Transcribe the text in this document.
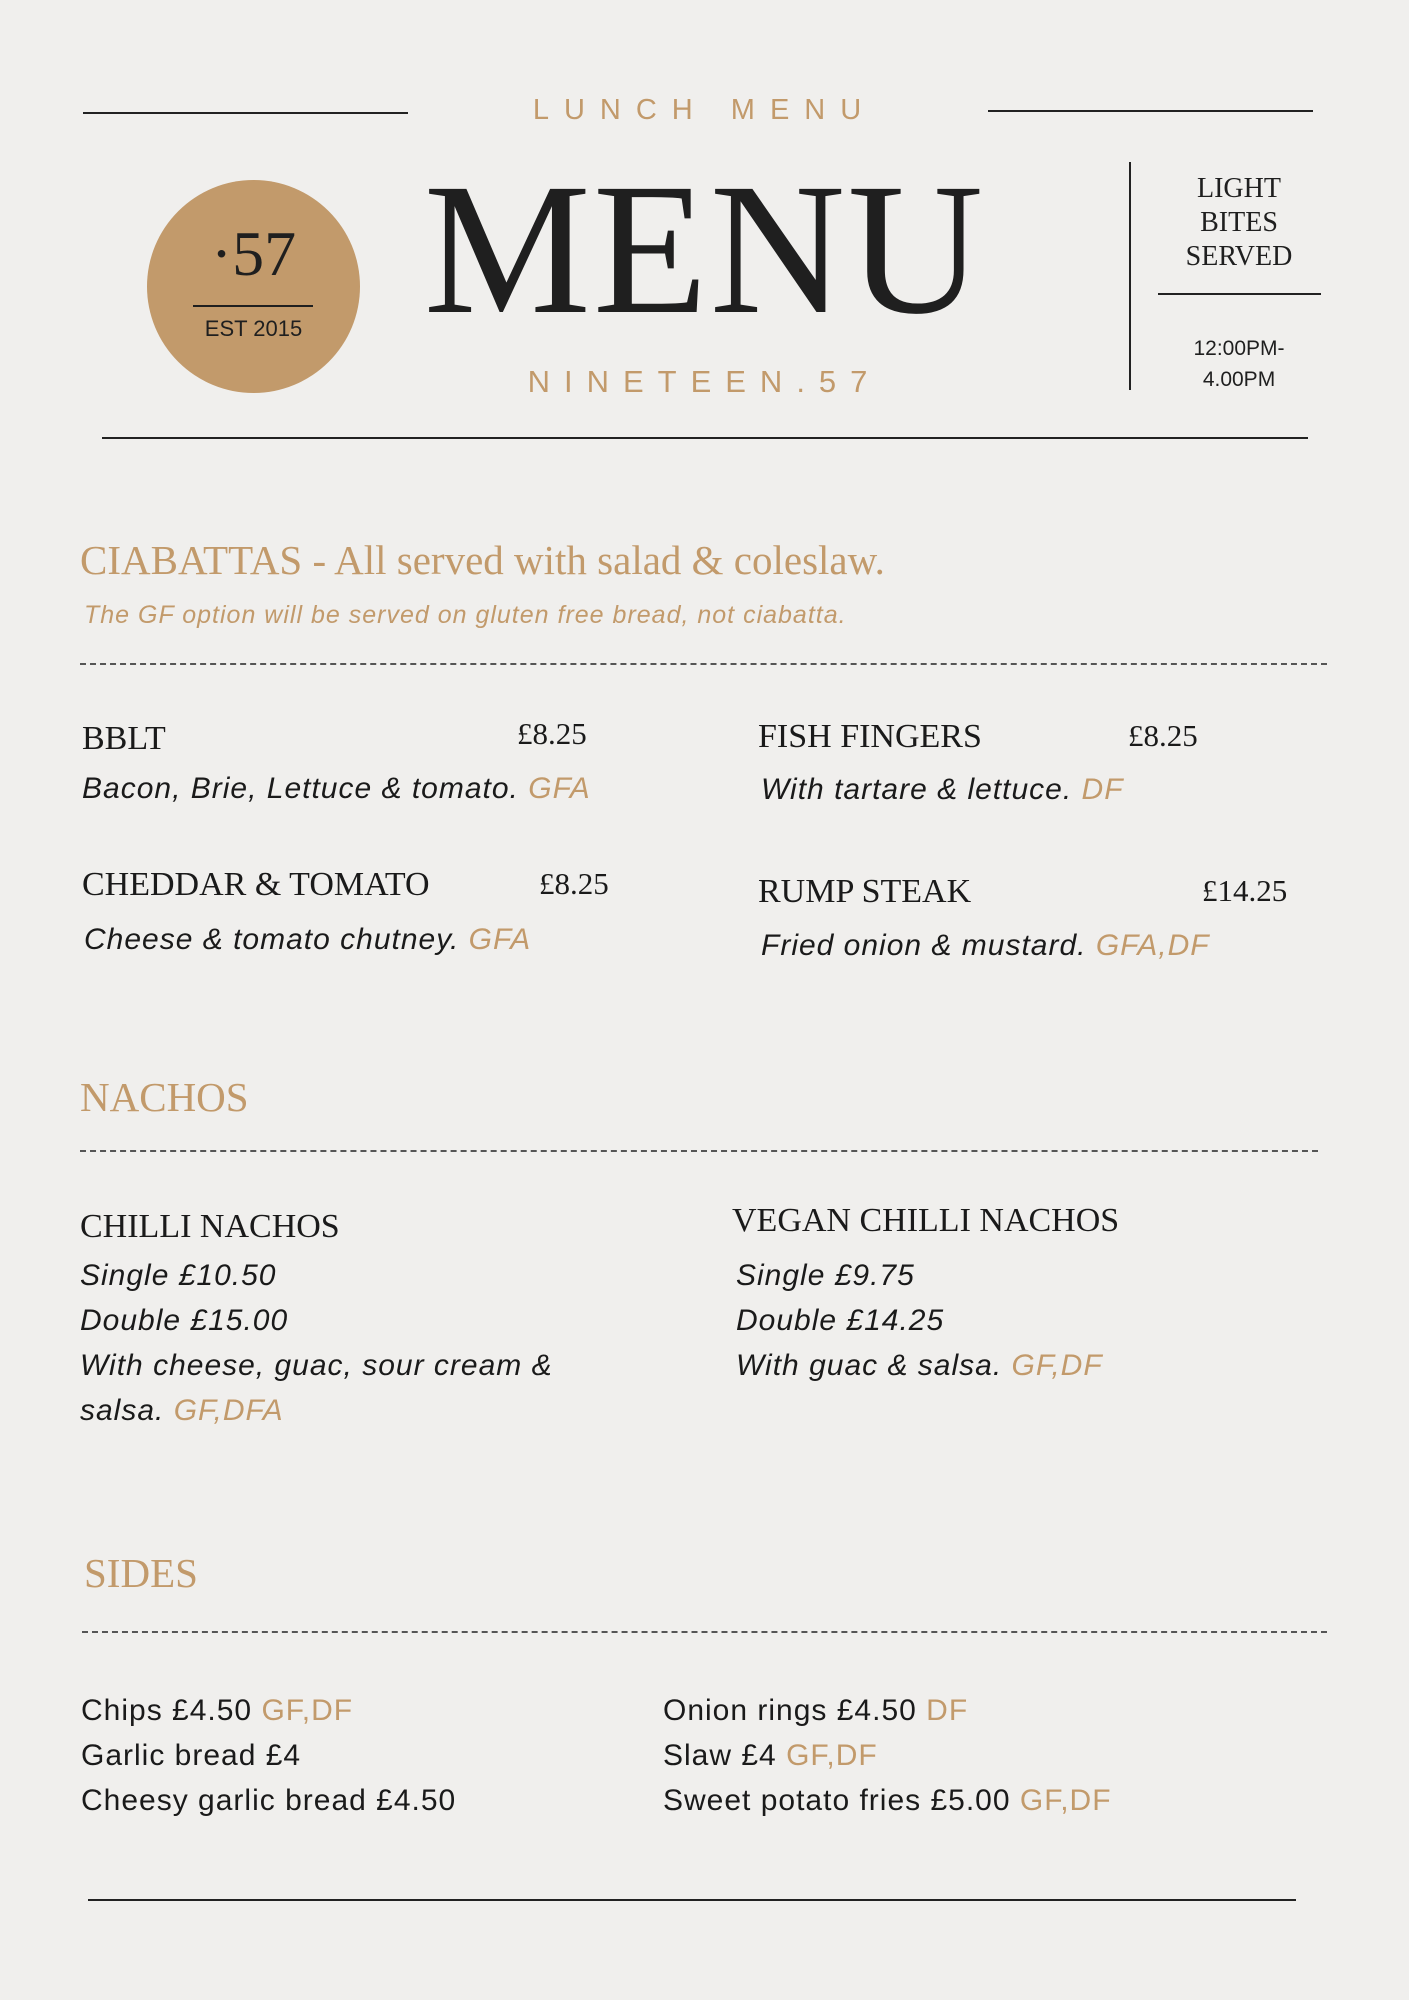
LUNCH MENU
·57
EST 2015 MENU
NINETEEN.57
LIGHT
BITES
SERVED
12:00PM-
4.00PM
CIABATTAS - All served with salad & coleslaw.
The GF option will be served on gluten free bread, not ciabatta.
BBLT	£8.25
Bacon, Brie, Lettuce & tomato. GFA
FISH FINGERS	£8.25
With tartare & lettuce. DF
CHEDDAR & TOMATO	£8.25
Cheese & tomato chutney. GFA
RUMP STEAK	£14.25
Fried onion & mustard. GFA,DF
NACHOS
CHILLI NACHOS
Single £10.50
Double £15.00
With cheese, guac, sour cream &
salsa. GF,DFA
VEGAN CHILLI NACHOS
Single £9.75
Double £14.25
With guac & salsa. GF,DF
SIDES
Chips £4.50 GF,DF
Garlic bread £4
Cheesy garlic bread £4.50
Onion rings £4.50 DF
Slaw £4 GF,DF
Sweet potato fries £5.00 GF,DF
